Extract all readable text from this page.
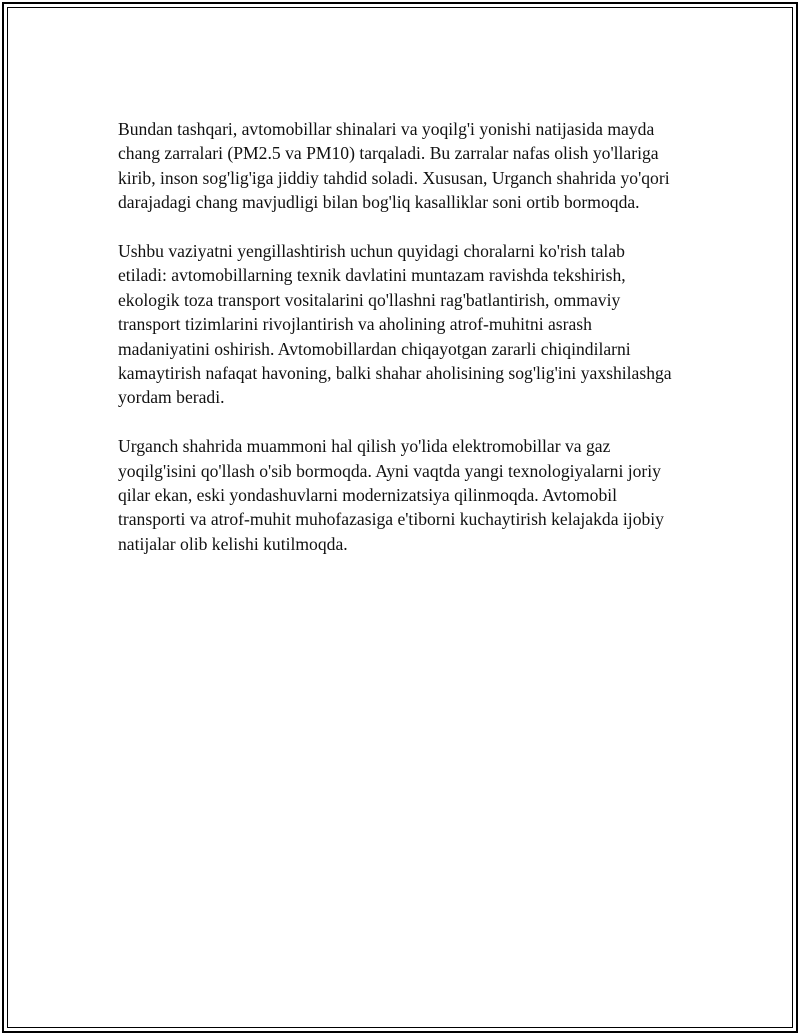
Bundan tashqari, avtomobillar shinalari va yoqilg'i yonishi natijasida mayda chang zarralari (PM2.5 va PM10) tarqaladi. Bu zarralar nafas olish yo'llariga kirib, inson sog'lig'iga jiddiy tahdid soladi. Xususan, Urganch shahrida yo'qori darajadagi chang mavjudligi bilan bog'liq kasalliklar soni ortib bormoqda.

Ushbu vaziyatni yengillashtirish uchun quyidagi choralarni ko'rish talab etiladi: avtomobillarning texnik davlatini muntazam ravishda tekshirish, ekologik toza transport vositalarini qo'llashni rag'batlantirish, ommaviy transport tizimlarini rivojlantirish va aholining atrof-muhitni asrash madaniyatini oshirish. Avtomobillardan chiqayotgan zararli chiqindilarni kamaytirish nafaqat havoning, balki shahar aholisining sog'lig'ini yaxshilashga yordam beradi.

Urganch shahrida muammoni hal qilish yo'lida elektromobillar va gaz yoqilg'isini qo'llash o'sib bormoqda. Ayni vaqtda yangi texnologiyalarni joriy qilar ekan, eski yondashuvlarni modernizatsiya qilinmoqda. Avtomobil transporti va atrof-muhit muhofazasiga e'tiborni kuchaytirish kelajakda ijobiy natijalar olib kelishi kutilmoqda.
